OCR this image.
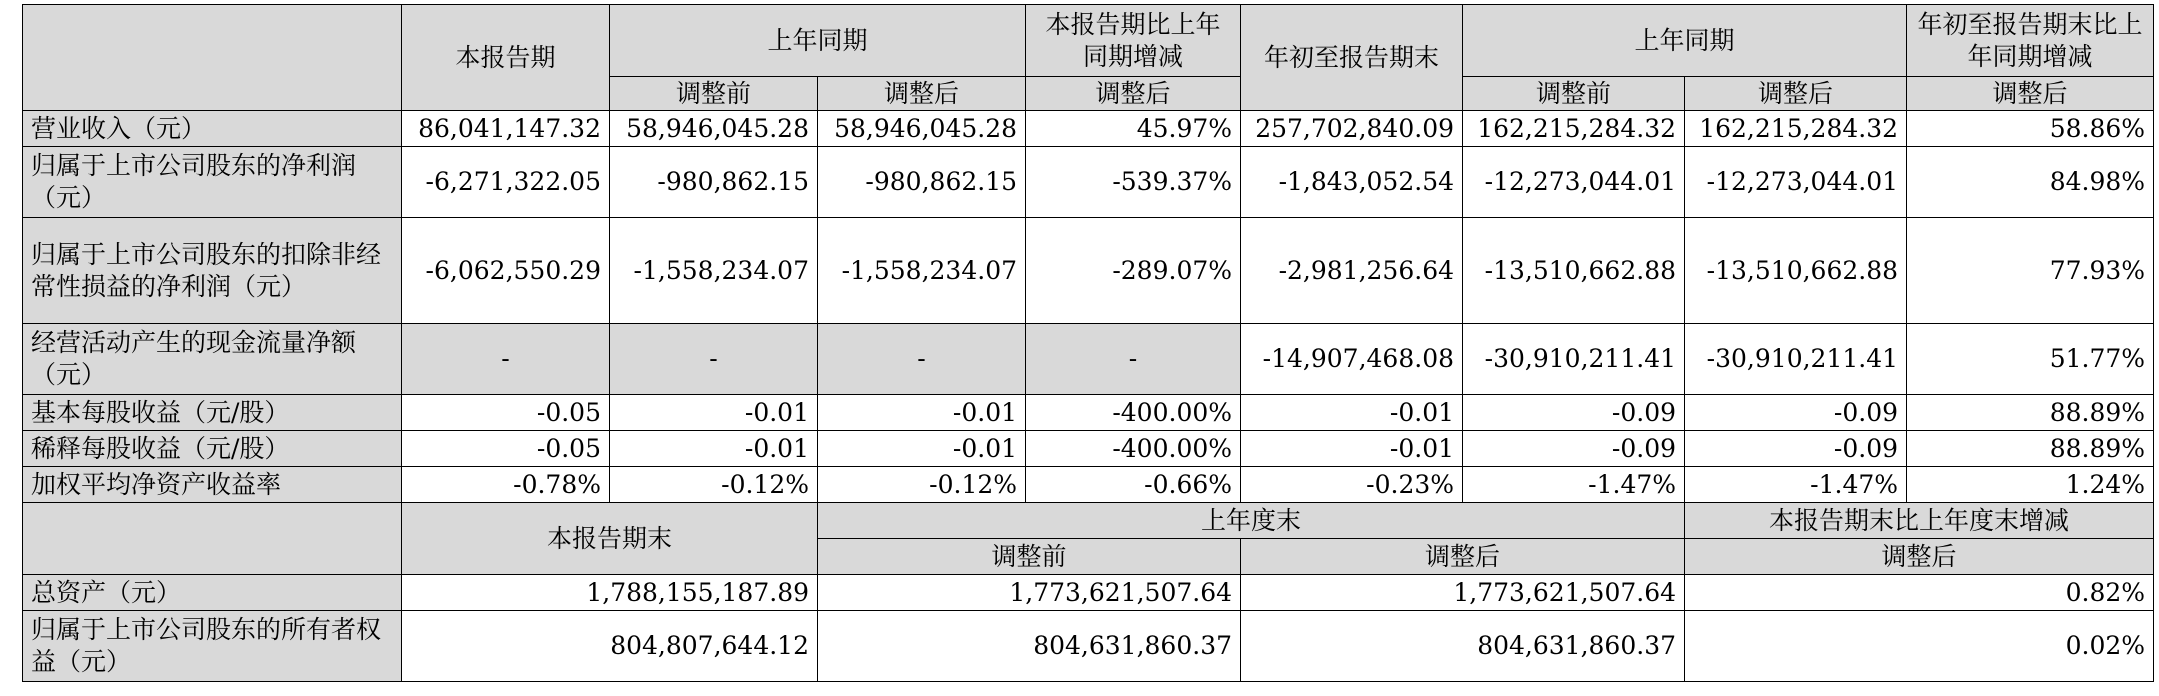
	本报告期	上年同期		本报告期比上年同期增减	年初至报告期末	上年同期		年初至报告期末比上年同期增减
		调整前	调整后	调整后		调整前	调整后	调整后
营业收入（元）	86,041,147.32	58,946,045.28	58,946,045.28	45.97%	257,702,840.09	162,215,284.32	162,215,284.32	58.86%
归属于上市公司股东的净利润（元）	-6,271,322.05	-980,862.15	-980,862.15	-539.37%	-1,843,052.54	-12,273,044.01	-12,273,044.01	84.98%
归属于上市公司股东的扣除非经常性损益的净利润（元）	-6,062,550.29	-1,558,234.07	-1,558,234.07	-289.07%	-2,981,256.64	-13,510,662.88	-13,510,662.88	77.93%
经营活动产生的现金流量净额（元）	-	-	-	-	-14,907,468.08	-30,910,211.41	-30,910,211.41	51.77%
基本每股收益（元/股）	-0.05	-0.01	-0.01	-400.00%	-0.01	-0.09	-0.09	88.89%
稀释每股收益（元/股）	-0.05	-0.01	-0.01	-400.00%	-0.01	-0.09	-0.09	88.89%
加权平均净资产收益率	-0.78%	-0.12%	-0.12%	-0.66%	-0.23%	-1.47%	-1.47%	1.24%
	本报告期末		上年度末				本报告期末比上年度末增减	
			调整前		调整后		调整后	
总资产（元）	1,788,155,187.89		1,773,621,507.64		1,773,621,507.64		0.82%	
归属于上市公司股东的所有者权益（元）	804,807,644.12		804,631,860.37		804,631,860.37		0.02%	
